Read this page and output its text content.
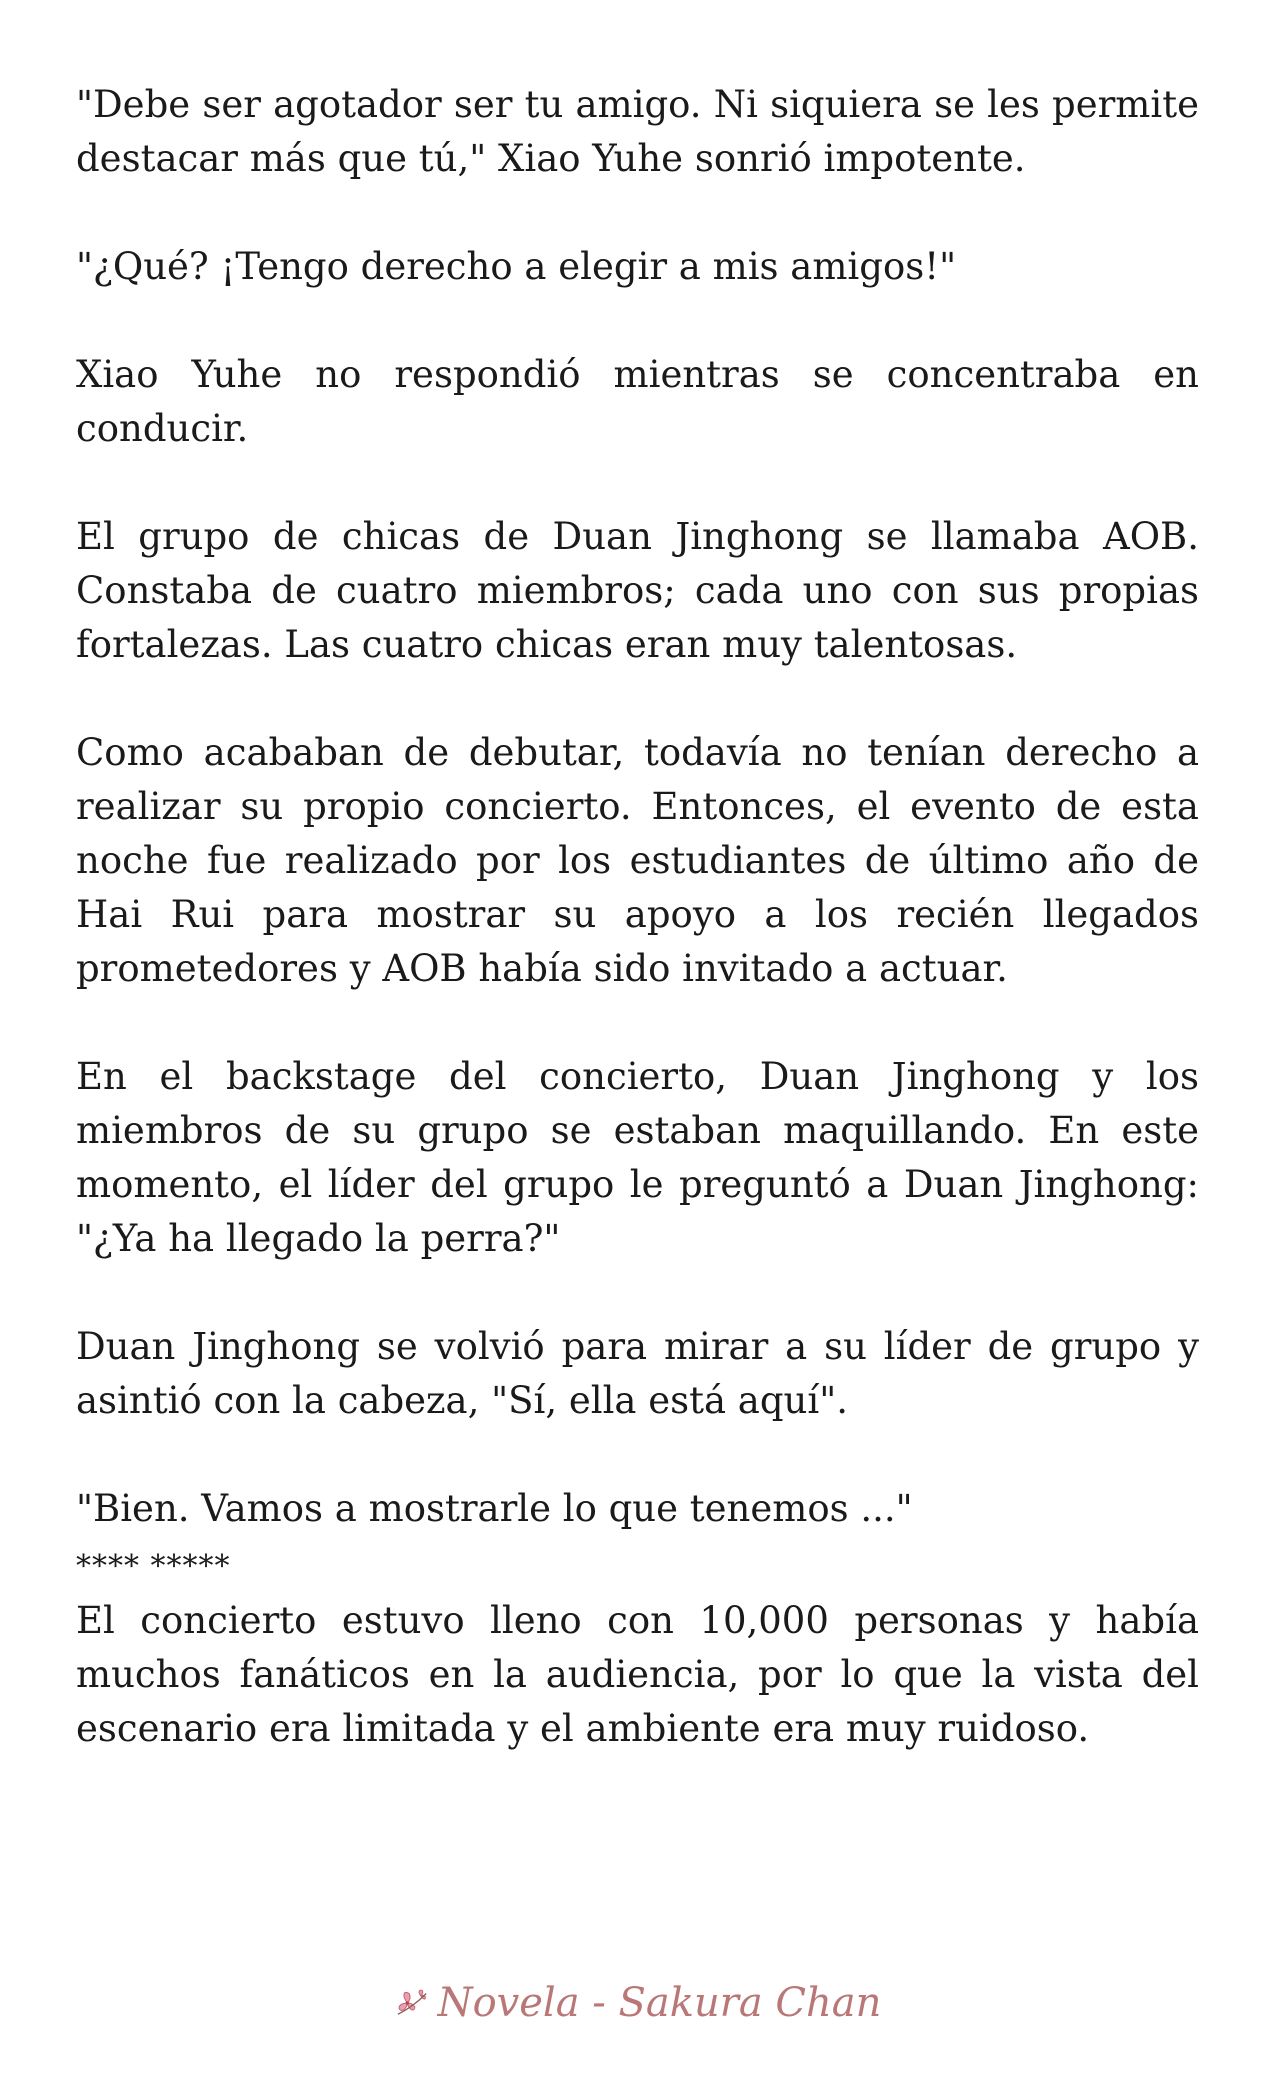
"Debe ser agotador ser tu amigo. Ni siquiera se les permite destacar más que tú," Xiao Yuhe sonrió impotente.

"¿Qué? ¡Tengo derecho a elegir a mis amigos!"

Xiao Yuhe no respondió mientras se concentraba en conducir.

El grupo de chicas de Duan Jinghong se llamaba AOB. Constaba de cuatro miembros; cada uno con sus propias fortalezas. Las cuatro chicas eran muy talentosas.

Como acababan de debutar, todavía no tenían derecho a realizar su propio concierto. Entonces, el evento de esta noche fue realizado por los estudiantes de último año de Hai Rui para mostrar su apoyo a los recién llegados prometedores y AOB había sido invitado a actuar.

En el backstage del concierto, Duan Jinghong y los miembros de su grupo se estaban maquillando. En este momento, el líder del grupo le preguntó a Duan Jinghong: "¿Ya ha llegado la perra?"

Duan Jinghong se volvió para mirar a su líder de grupo y asintió con la cabeza, "Sí, ella está aquí".

"Bien. Vamos a mostrarle lo que tenemos ..."

**** *****

El concierto estuvo lleno con 10,000 personas y había muchos fanáticos en la audiencia, por lo que la vista del escenario era limitada y el ambiente era muy ruidoso.

Novela - Sakura Chan
